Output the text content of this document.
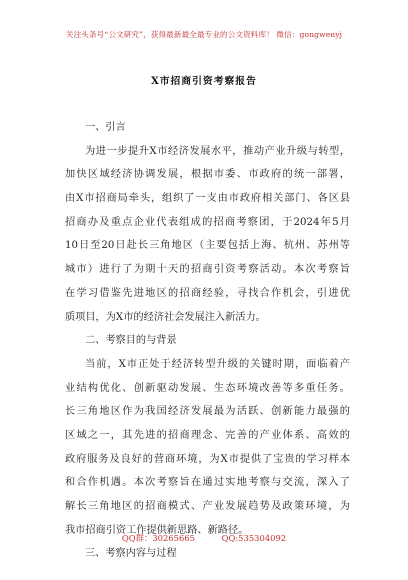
关注头条号“公文研究”，获得最新最全最专业的公文资料库！ 微信：gongwenyj
X市招商引资考察报告
一、引言
为进一步提升X市经济发展水平，推动产业升级与转型，
加快区域经济协调发展，根据市委、市政府的统一部署，
由X市招商局牵头，组织了一支由市政府相关部门、各区县
招商办及重点企业代表组成的招商考察团，于2024年5月
10日至20日赴长三角地区（主要包括上海、杭州、苏州等
城市）进行了为期十天的招商引资考察活动。本次考察旨
在学习借鉴先进地区的招商经验，寻找合作机会，引进优
质项目，为X市的经济社会发展注入新活力。
二、考察目的与背景
当前，X市正处于经济转型升级的关键时期，面临着产
业结构优化、创新驱动发展、生态环境改善等多重任务。
长三角地区作为我国经济发展最为活跃、创新能力最强的
区域之一，其先进的招商理念、完善的产业体系、高效的
政府服务及良好的营商环境，为X市提供了宝贵的学习样本
和合作机遇。本次考察旨在通过实地考察与交流，深入了
解长三角地区的招商模式、产业发展趋势及政策环境，为
我市招商引资工作提供新思路、新路径。
三、考察内容与过程
QQ群：30265665	QQ:535304092
